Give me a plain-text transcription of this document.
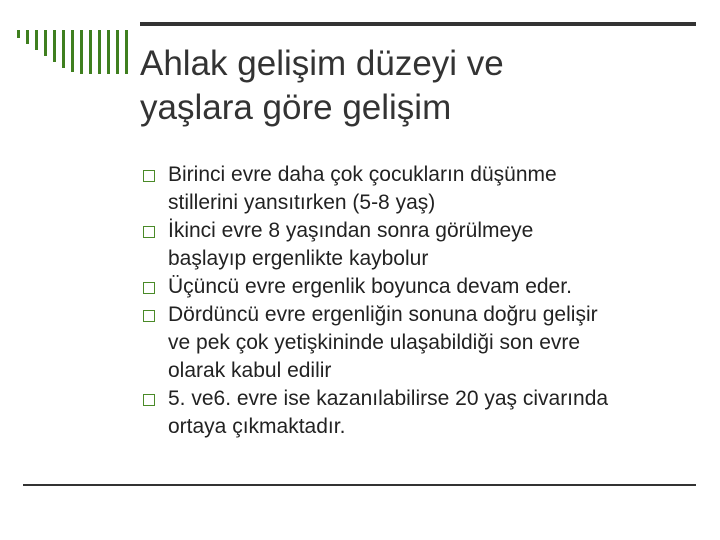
Ahlak gelişim düzeyi ve
yaşlara göre gelişim
Birinci evre daha çok çocukların düşünme
stillerini yansıtırken (5-8 yaş)
İkinci evre 8 yaşından sonra görülmeye
başlayıp ergenlikte kaybolur
Üçüncü evre ergenlik boyunca devam eder.
Dördüncü evre ergenliğin sonuna doğru gelişir
ve pek çok yetişkininde ulaşabildiği son evre
olarak kabul edilir
5. ve6. evre ise kazanılabilirse 20 yaş civarında
ortaya çıkmaktadır.
